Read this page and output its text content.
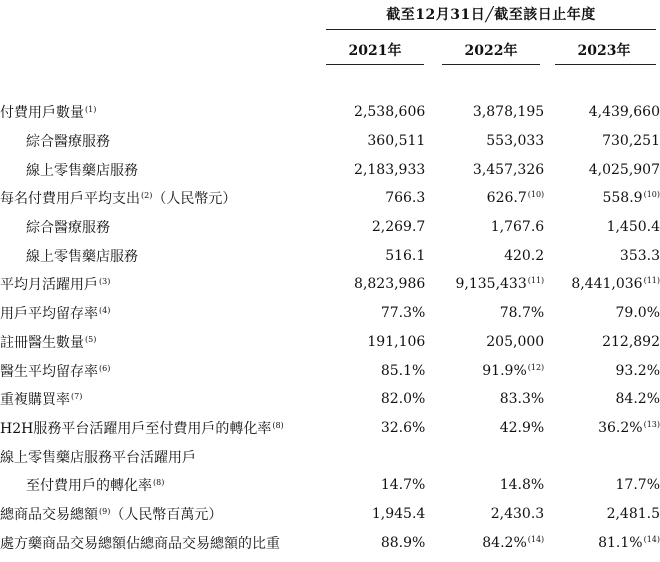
截至12月31日╱截至該日止年度
2021年	2022年	2023年
付費用戶數量$^{(1)}$	2,538,606	3,878,195	4,439,660
綜合醫療服務	360,511	553,033	730,251
線上零售藥店服務	2,183,933	3,457,326	4,025,907
每名付費用戶平均支出$^{(2)}$（人民幣元）	766.3	626.7$^{(10)}$	558.9$^{(10)}$
綜合醫療服務	2,269.7	1,767.6	1,450.4
線上零售藥店服務	516.1	420.2	353.3
平均月活躍用戶$^{(3)}$	8,823,986	9,135,433$^{(11)}$	8,441,036$^{(11)}$
用戶平均留存率$^{(4)}$	77.3%	78.7%	79.0%
註冊醫生數量$^{(5)}$	191,106	205,000	212,892
醫生平均留存率$^{(6)}$	85.1%	91.9%$^{(12)}$	93.2%
重複購買率$^{(7)}$	82.0%	83.3%	84.2%
H2H服務平台活躍用戶至付費用戶的轉化率$^{(8)}$	32.6%	42.9%	36.2%$^{(13)}$
線上零售藥店服務平台活躍用戶			
至付費用戶的轉化率$^{(8)}$	14.7%	14.8%	17.7%
總商品交易總額$^{(9)}$（人民幣百萬元）	1,945.4	2,430.3	2,481.5
處方藥商品交易總額佔總商品交易總額的比重	88.9%	84.2%$^{(14)}$	81.1%$^{(14)}$
